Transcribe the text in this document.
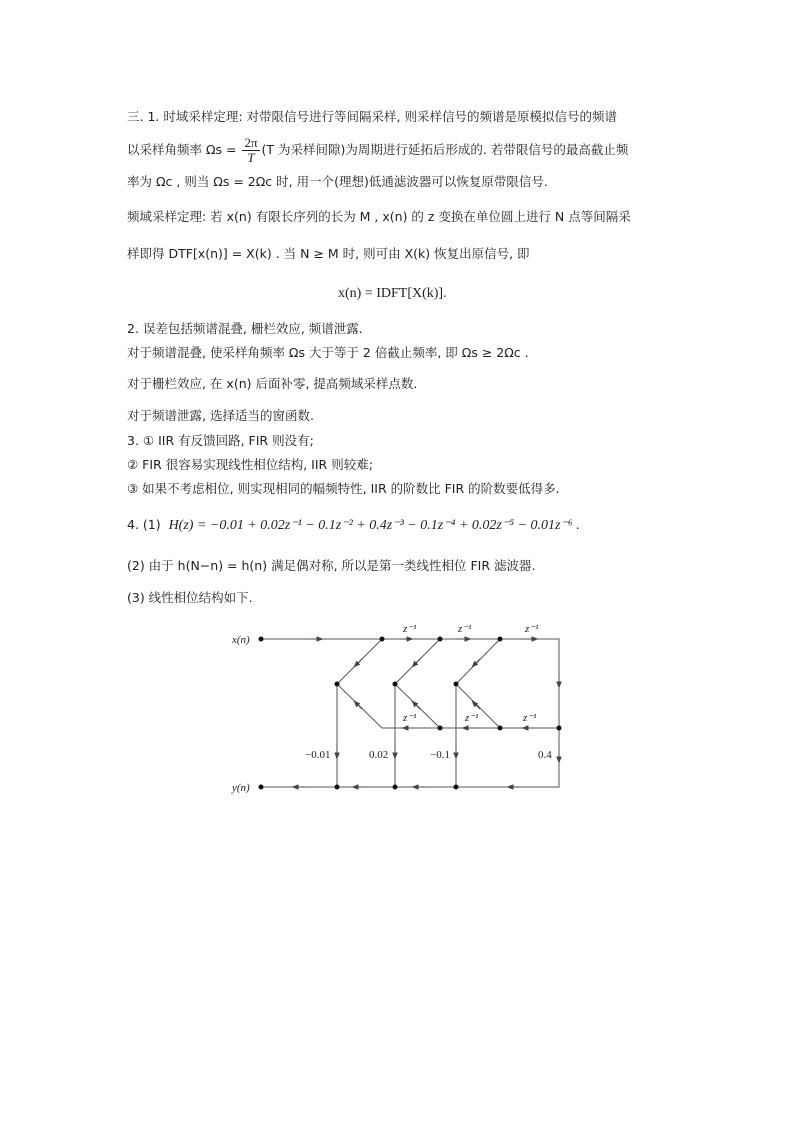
三. 1. 时域采样定理: 对带限信号进行等间隔采样, 则采样信号的频谱是原模拟信号的频谱
以采样角频率 $\Omega s = \frac{2\pi}{T} (T$ 为采样间隙)为周期进行延拓后形成的. 若带限信号的最高截止频
率为 Ωc , 则当 Ωs = 2Ωc 时, 用一个(理想)低通滤波器可以恢复原带限信号.
频域采样定理: 若 x(n) 有限长序列的长为 M , x(n) 的 z 变换在单位圆上进行 N 点等间隔采
样即得 DTF[x(n)] = X(k) . 当 N ≥ M 时, 则可由 X(k) 恢复出原信号, 即
x(n) = IDFT[X(k)].
2. 误差包括频谱混叠, 栅栏效应, 频谱泄露.
对于频谱混叠, 使采样角频率 Ωs 大于等于 2 倍截止频率, 即 Ωs ≥ 2Ωc .
对于栅栏效应, 在 x(n) 后面补零, 提高频域采样点数.
对于频谱泄露, 选择适当的窗函数.
3. ① IIR 有反馈回路, FIR 则没有;
② FIR 很容易实现线性相位结构, IIR 则较难;
③ 如果不考虑相位, 则实现相同的幅频特性, IIR 的阶数比 FIR 的阶数要低得多.
4. (1) H(z) = −0.01 + 0.02z⁻¹ − 0.1z⁻² + 0.4z⁻³ − 0.1z⁻⁴ + 0.02z⁻⁵ − 0.01z⁻⁶ .
(2) 由于 h(N−n) = h(n) 满足偶对称, 所以是第一类线性相位 FIR 滤波器.
(3) 线性相位结构如下.
x(n)
y(n)
z⁻¹	z⁻¹	z⁻¹
z⁻¹	z⁻¹	z⁻¹
−0.01	0.02	−0.1	0.4
